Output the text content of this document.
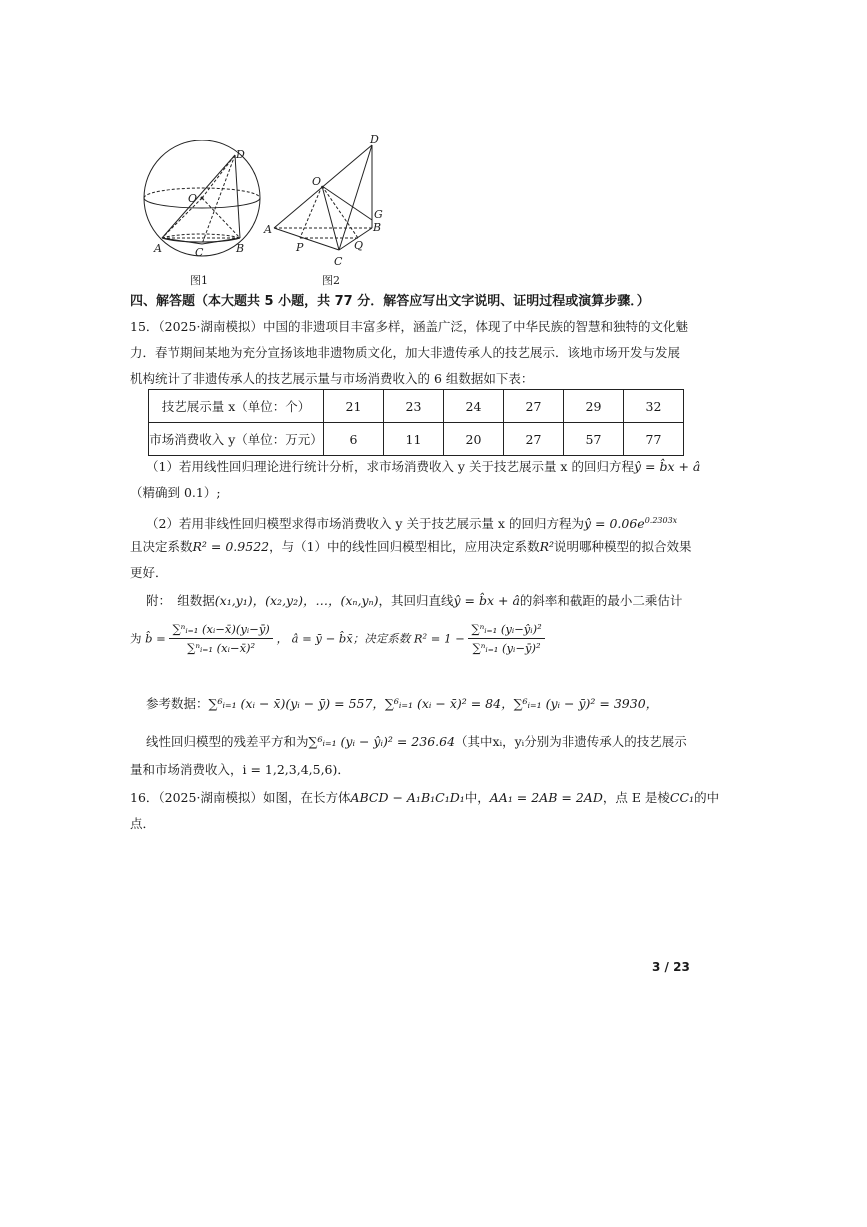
D
O
A	C	B
图1
D
O
A
G
B
P	Q
C
图2
四、解答题（本大题共 5 小题，共 77 分．解答应写出文字说明、证明过程或演算步骤．）
15．（2025·湖南模拟）中国的非遗项目丰富多样，涵盖广泛，体现了中华民族的智慧和独特的文化魅
力．春节期间某地为充分宣扬该地非遗物质文化，加大非遗传承人的技艺展示．该地市场开发与发展
机构统计了非遗传承人的技艺展示量与市场消费收入的 6 组数据如下表：
技艺展示量 x（单位：个）	21	23	24	27	29	32
市场消费收入 y（单位：万元）	6	11	20	27	57	77
（1）若用线性回归理论进行统计分析，求市场消费收入 y 关于技艺展示量 x 的回归方程ŷ = b̂x + â
（精确到 0.1）;
（2）若用非线性回归模型求得市场消费收入 y 关于技艺展示量 x 的回归方程为ŷ = $0.06e^{0.2303x}$
且决定系数R² = 0.9522，与（1）中的线性回归模型相比，应用决定系数R²说明哪种模型的拟合效果
更好．
附：　组数据(x₁,y₁)，(x₂,y₂)，…，(xₙ,yₙ)，其回归直线ŷ = b̂x + â的斜率和截距的最小二乘估计
为 b̂ = $\frac{\text{∑ⁿᵢ₌₁ (xᵢ−x̄)(yᵢ−ȳ)}}{\text{∑ⁿᵢ₌₁ (xᵢ−x̄)²}}$ ， â = ȳ − b̂x̄；决定系数 $R^2 = 1 - \frac{\text{∑ⁿᵢ₌₁ (yᵢ−ŷᵢ)²}}{\text{∑ⁿᵢ₌₁ (yᵢ−ȳ)²}}$
参考数据：∑⁶ᵢ₌₁ (xᵢ − x̄)(yᵢ − ȳ) = 557，∑⁶ᵢ₌₁ (xᵢ − x̄)² = 84，∑⁶ᵢ₌₁ (yᵢ − ȳ)² = 3930，
线性回归模型的残差平方和为∑⁶ᵢ₌₁ (yᵢ − ŷᵢ)² = 236.64（其中xᵢ，yᵢ分别为非遗传承人的技艺展示
量和市场消费收入，i = 1,2,3,4,5,6)．
16．（2025·湖南模拟）如图，在长方体ABCD − A₁B₁C₁D₁中，AA₁ = 2AB = 2AD，点 E 是棱CC₁的中
点．
3 / 23
